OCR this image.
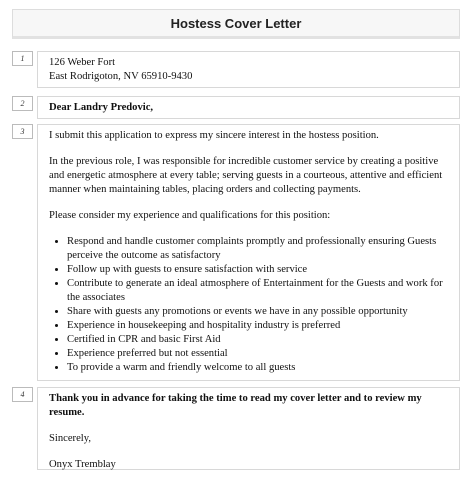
Hostess Cover Letter
1	126 Weber Fort

East Rodrigoton, NV 65910-9430

2	Dear Landry Predovic,

3	I submit this application to express my sincere interest in the hostess position.

In the previous role, I was responsible for incredible customer service by creating a positive and energetic atmosphere at every table; serving guests in a courteous, attentive and efficient manner when maintaining tables, placing orders and collecting payments.

Please consider my experience and qualifications for this position:

• Respond and handle customer complaints promptly and professionally ensuring Guests perceive the outcome as satisfactory
• Follow up with guests to ensure satisfaction with service
• Contribute to generate an ideal atmosphere of Entertainment for the Guests and work for the associates
• Share with guests any promotions or events we have in any possible opportunity
• Experience in housekeeping and hospitality industry is preferred
• Certified in CPR and basic First Aid
• Experience preferred but not essential
• To provide a warm and friendly welcome to all guests
4	Thank you in advance for taking the time to read my cover letter and to review my resume.

Sincerely,

Onyx Tremblay
